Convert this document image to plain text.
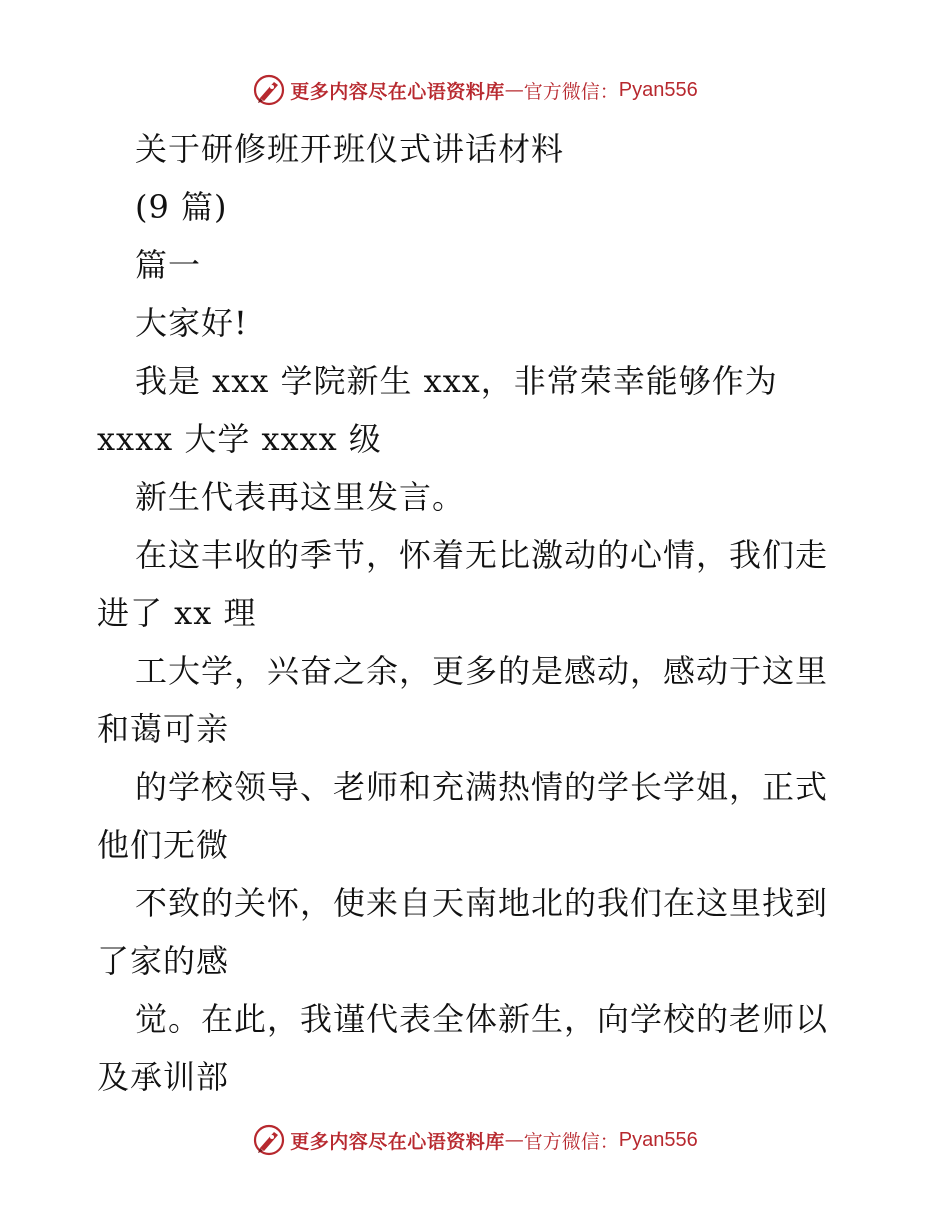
更多内容尽在心语资料库 — 官方微信： Pyan556
关于研修班开班仪式讲话材料
(9 篇)
篇一
大家好!
我是 xxx 学院新生 xxx，非常荣幸能够作为
xxxx 大学 xxxx 级
新生代表再这里发言。
在这丰收的季节，怀着无比激动的心情，我们走
进了 xx 理
工大学，兴奋之余，更多的是感动，感动于这里
和蔼可亲
的学校领导、老师和充满热情的学长学姐，正式
他们无微
不致的关怀，使来自天南地北的我们在这里找到
了家的感
觉。在此，我谨代表全体新生，向学校的老师以
及承训部
更多内容尽在心语资料库 — 官方微信： Pyan556
